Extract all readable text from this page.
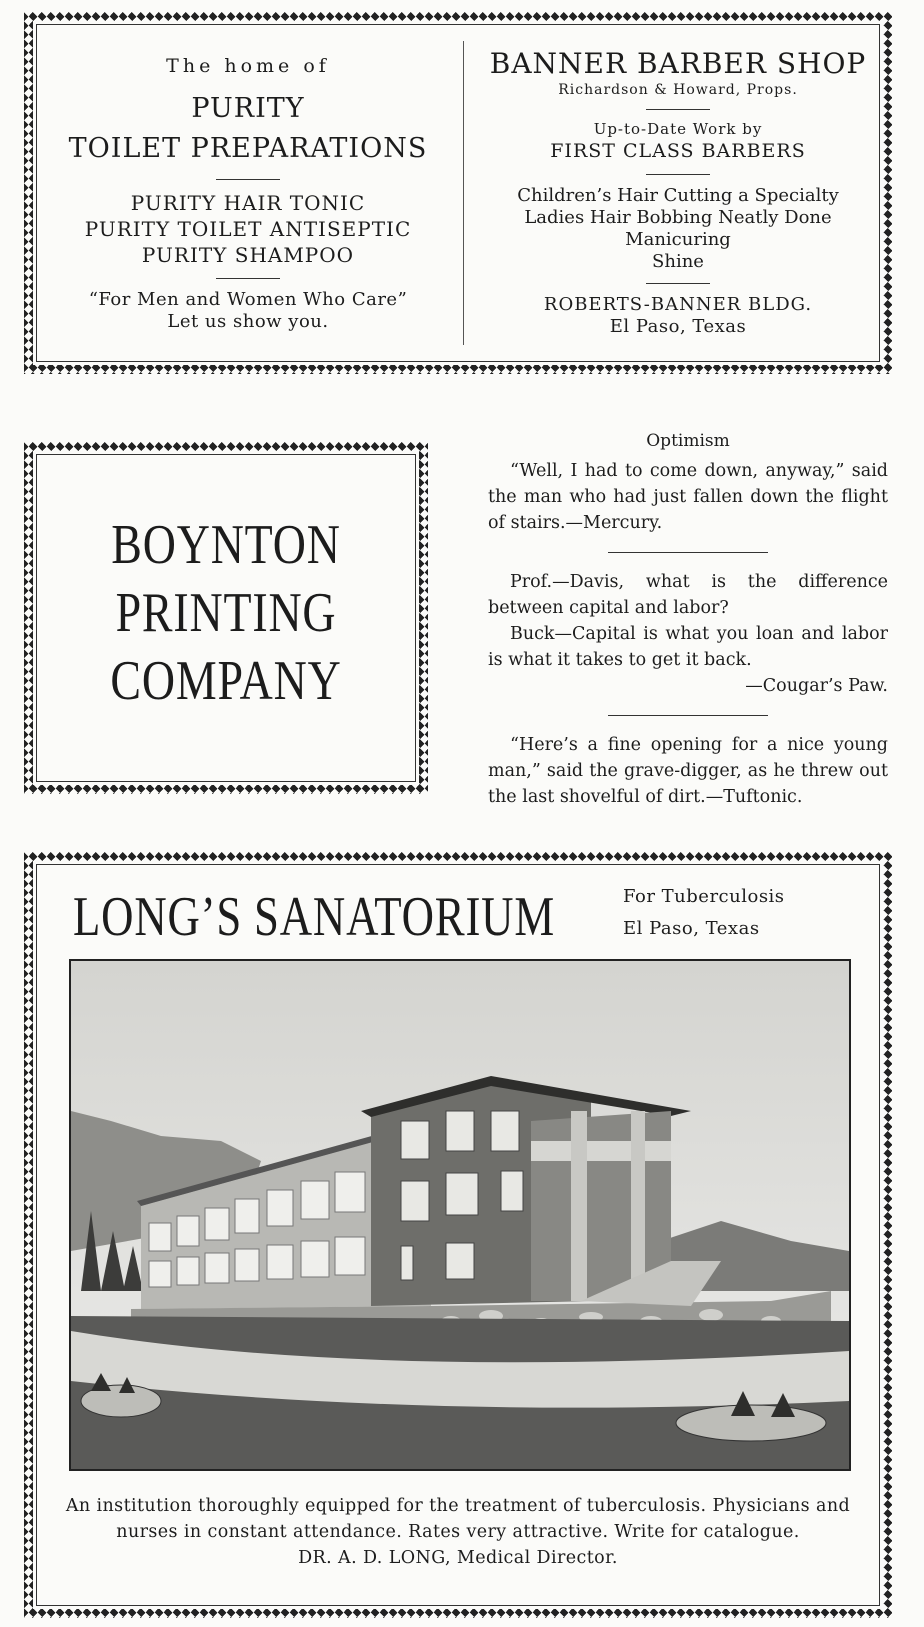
The home of
PURITY
TOILET PREPARATIONS
PURITY HAIR TONIC
PURITY TOILET ANTISEPTIC
PURITY SHAMPOO
“For Men and Women Who Care”
Let us show you.
BANNER BARBER SHOP
Richardson & Howard, Props.
Up-to-Date Work by
FIRST CLASS BARBERS
Children’s Hair Cutting a Specialty
Ladies Hair Bobbing Neatly Done
Manicuring
Shine
ROBERTS-BANNER BLDG.
El Paso, Texas
BOYNTON
PRINTING
COMPANY
Optimism

“Well, I had to come down, anyway,” said the man who had just fallen down the flight of stairs.—Mercury.

Prof.—Davis, what is the difference between capital and labor?

Buck—Capital is what you loan and labor is what it takes to get it back.

—Cougar’s Paw.

“Here’s a fine opening for a nice young man,” said the grave-digger, as he threw out the last shovelful of dirt.—Tuftonic.

LONG’S SANATORIUM	For Tuberculosis
El Paso, Texas
An institution thoroughly equipped for the treatment of tuberculosis. Physicians and nurses in constant attendance. Rates very attractive. Write for catalogue.
DR. A. D. LONG, Medical Director.
